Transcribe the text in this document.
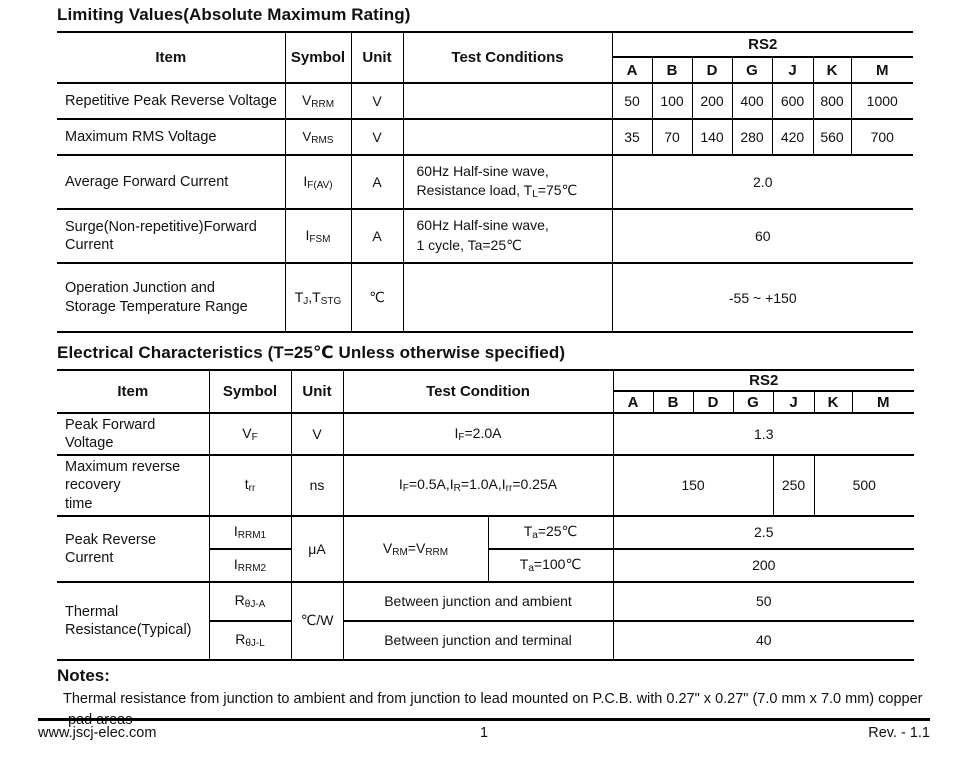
Limiting Values(Absolute Maximum Rating)
Item	Symbol	Unit	Test Conditions	RS2						
				A	B	D	G	J	K	M
Repetitive Peak Reverse Voltage	$V_{RRM}$	V		50	100	200	400	600	800	1000
Maximum RMS Voltage	$V_{RMS}$	V		35	70	140	280	420	560	700
Average Forward Current	$I_{F(AV)}$	A	60Hz Half-sine wave,
Resistance load, $T_L=75℃$	2.0						
Surge(Non-repetitive)Forward
Current	$I_{FSM}$	A	60Hz Half-sine wave,
1 cycle, Ta=25℃	60						
Operation Junction and
Storage Temperature Range	$T_J,T_{STG}$	℃		-55 ~ +150						
Electrical Characteristics (T=25℃ Unless otherwise specified)
Item	Symbol	Unit	Test Condition		RS2						
					A	B	D	G	J	K	M
Peak Forward Voltage	$V_F$	V	$I_F=2.0A$		1.3						
Maximum reverse recovery
time	$t_{rr}$	ns	$I_F=0.5A,I_R=1.0A,I_{rr}=0.25A$		150				250	500	
Peak Reverse Current	$I_{RRM1}$	μA	$V_{RM}=V_{RRM}$	$T_a=25℃$	2.5						
	$I_{RRM2}$			$T_a=100℃$	200						
Thermal
Resistance(Typical)	$R_{\theta J-A}$	℃/W	Between junction and ambient		50						
	$R_{\theta J-L}$		Between junction and terminal		40						
Notes:
Thermal resistance from junction to ambient and from junction to lead mounted on P.C.B. with 0.27" x 0.27" (7.0 mm x 7.0 mm) copper
pad areas
1
www.jscj-elec.com	Rev. - 1.1
